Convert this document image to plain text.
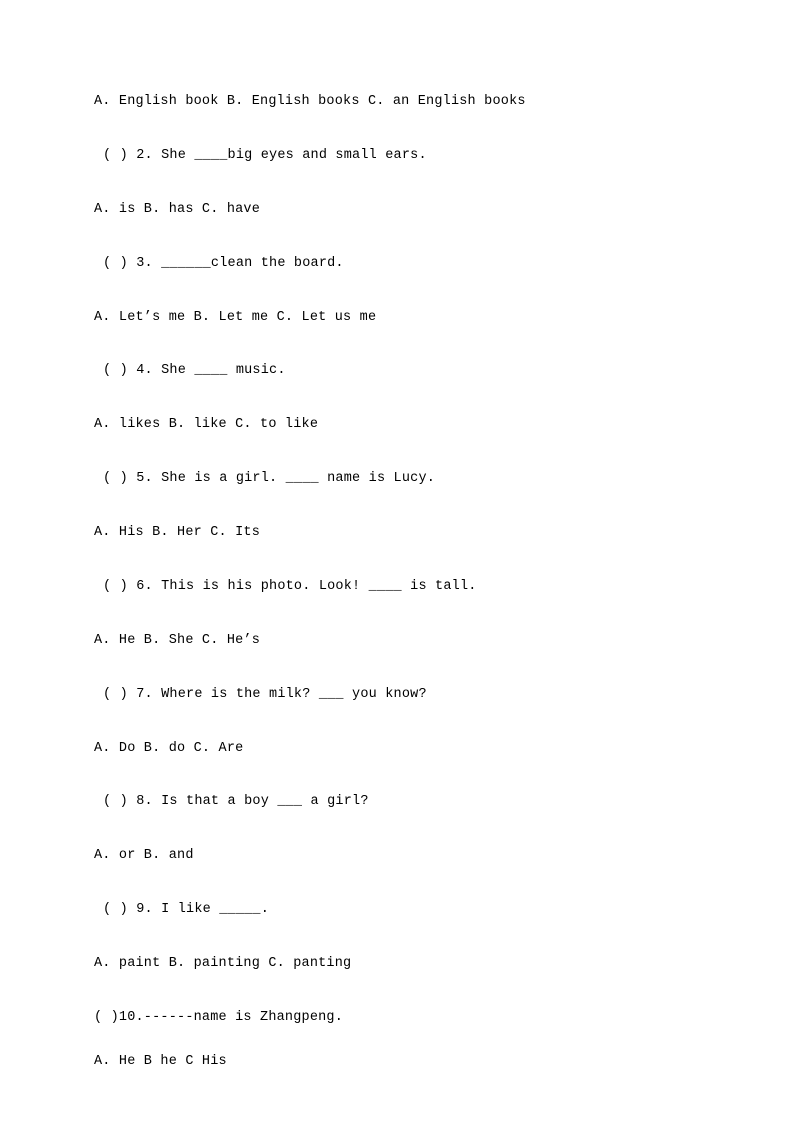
A. English book B. English books C. an English books

( ) 2. She ____big eyes and small ears.

A. is B. has C. have

( ) 3. ______clean the board.

A. Let’s me B. Let me C. Let us me

( ) 4. She ____ music.

A. likes B. like C. to like

( ) 5. She is a girl. ____ name is Lucy.

A. His B. Her C. Its

( ) 6. This is his photo. Look! ____ is tall.

A. He B. She C. He’s

( ) 7. Where is the milk? ___ you know?

A. Do B. do C. Are

( ) 8. Is that a boy ___ a girl?

A. or B. and

( ) 9. I like _____.

A. paint B. painting C. panting

( )10.------name is Zhangpeng.

A. He B he C His
